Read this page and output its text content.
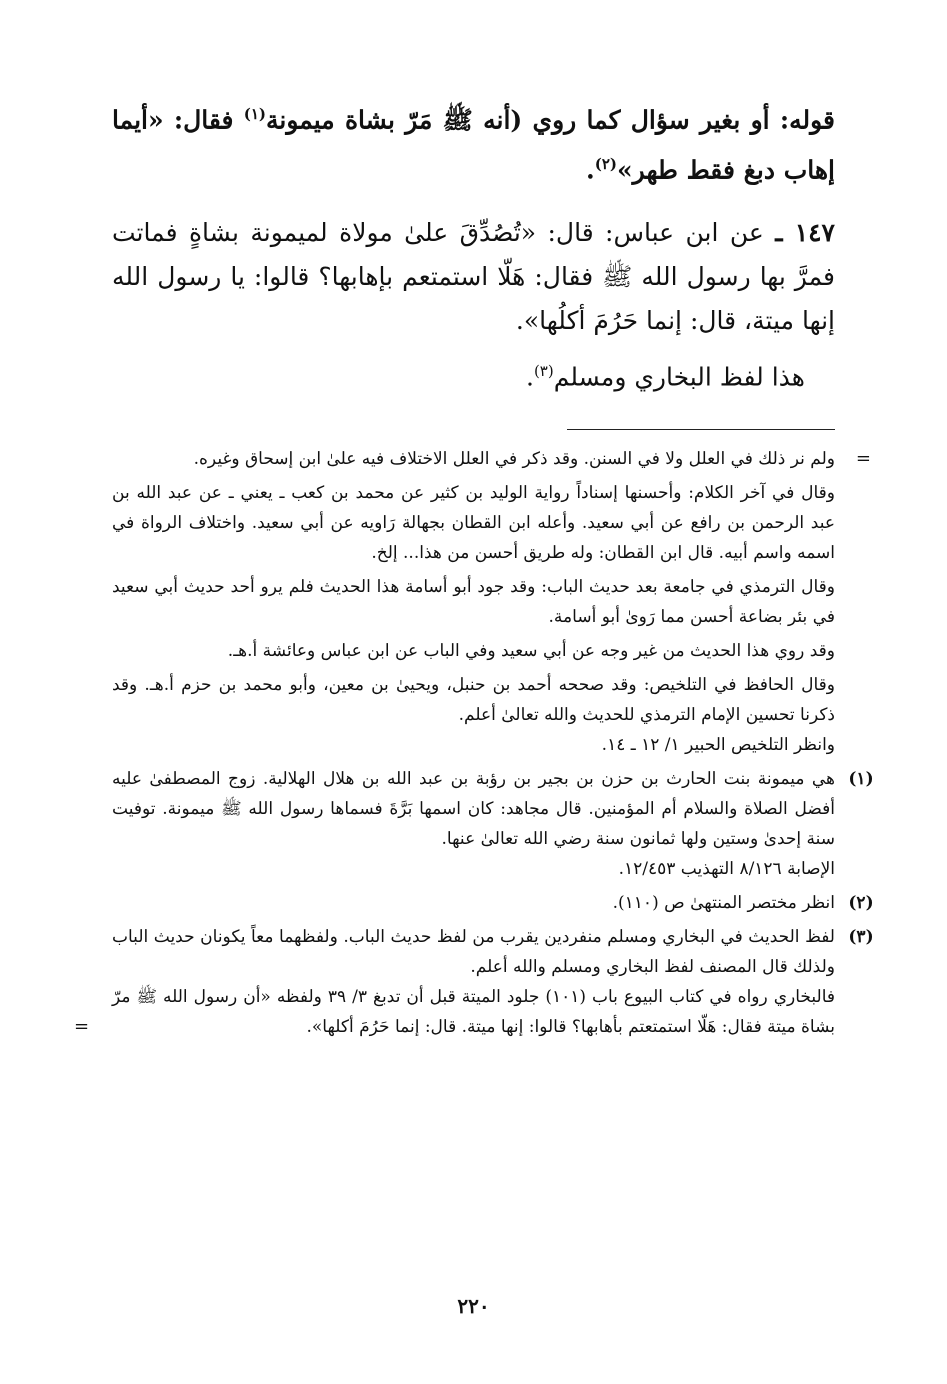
قوله: أو بغير سؤال كما روي (أنه ﷺ مَرّ بشاة ميمونة$^{(١)}$ فقال: «أيما إهاب دبغ فقط طهر»$^{(٢)}$.

١٤٧ ـ عن ابن عباس: قال: «تُصُدِّقَ علىٰ مولاة لميمونة بشاةٍ فماتت فمرَّ بها رسول الله ﷺ فقال: هَلّا استمتعم بإهابها؟ قالوا: يا رسول الله إنها ميتة، قال: إنما حَرُمَ أكلُها».

هذا لفظ البخاري ومسلم$^{(٣)}$.

=
ولم نر ذلك في العلل ولا في السنن. وقد ذكر في العلل الاختلاف فيه علىٰ ابن إسحاق وغيره.
وقال في آخر الكلام: وأحسنها إسناداً رواية الوليد بن كثير عن محمد بن كعب ـ يعني ـ عن عبد الله بن عبد الرحمن بن رافع عن أبي سعيد. وأعله ابن القطان بجهالة رَاويه عن أبي سعيد. واختلاف الرواة في اسمه واسم أبيه. قال ابن القطان: وله طريق أحسن من هذا... إلخ.
وقال الترمذي في جامعة بعد حديث الباب: وقد جود أبو أسامة هذا الحديث فلم يرو أحد حديث أبي سعيد في بئر بضاعة أحسن مما رَوىٰ أبو أسامة.
وقد روي هذا الحديث من غير وجه عن أبي سعيد وفي الباب عن ابن عباس وعائشة أ.هـ.
وقال الحافظ في التلخيص: وقد صححه أحمد بن حنبل، ويحيىٰ بن معين، وأبو محمد بن حزم أ.هـ. وقد ذكرنا تحسين الإمام الترمذي للحديث والله تعالىٰ أعلم.
وانظر التلخيص الحبير ١/ ١٢ ـ ١٤.
(١)
هي ميمونة بنت الحارث بن حزن بن بجير بن رؤبة بن عبد الله بن هلال الهلالية. زوج المصطفىٰ عليه أفضل الصلاة والسلام أم المؤمنين. قال مجاهد: كان اسمها بَرَّةَ فسماها رسول الله ﷺ ميمونة. توفيت سنة إحدىٰ وستين ولها ثمانون سنة رضي الله تعالىٰ عنها.
الإصابة ٨/١٢٦ التهذيب ١٢/٤٥٣.
(٢)
انظر مختصر المنتهىٰ ص (١١٠).
(٣)
لفظ الحديث في البخاري ومسلم منفردين يقرب من لفظ حديث الباب. ولفظهما معاً يكونان حديث الباب ولذلك قال المصنف لفظ البخاري ومسلم والله أعلم.
فالبخاري رواه في كتاب البيوع باب (١٠١) جلود الميتة قبل أن تدبغ ٣/ ٣٩ ولفظه «أن رسول الله ﷺ مرّ بشاة ميتة فقال: هَلّا استمتعتم بأهابها؟ قالوا: إنها ميتة. قال: إنما حَرُمَ أكلها».
=
٢٢٠
